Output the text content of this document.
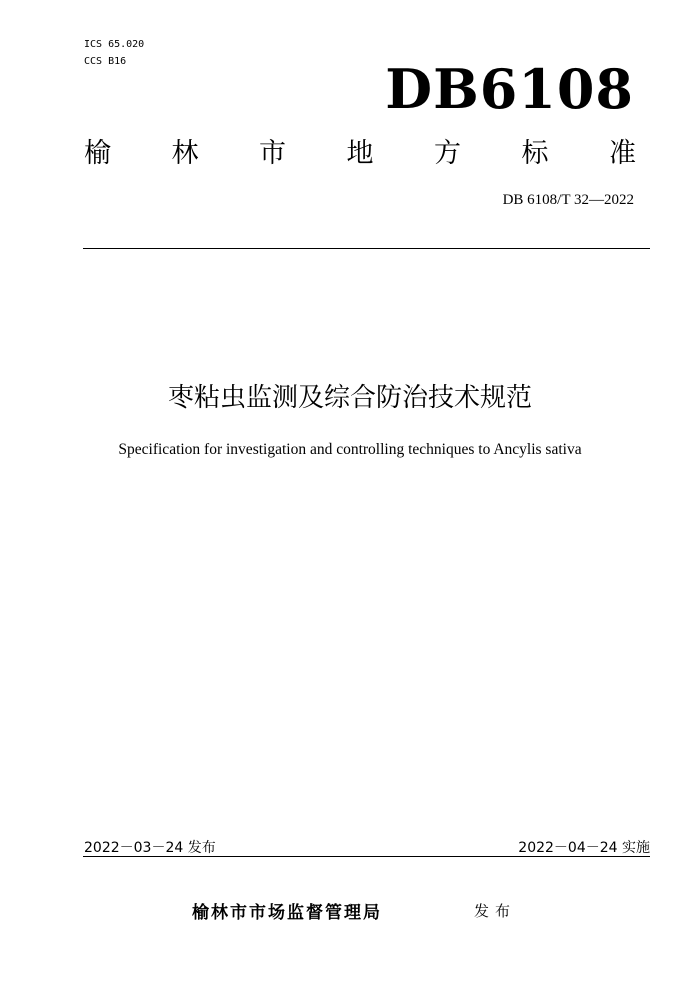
ICS 65.020
CCS B16	DB6108
榆 林 市 地 方 标 准
DB 6108/T 32—2022
枣粘虫监测及综合防治技术规范
Specification for investigation and controlling techniques to Ancylis sativa
2022－03－24 发布	2022－04－24 实施
榆林市市场监督管理局	发布
